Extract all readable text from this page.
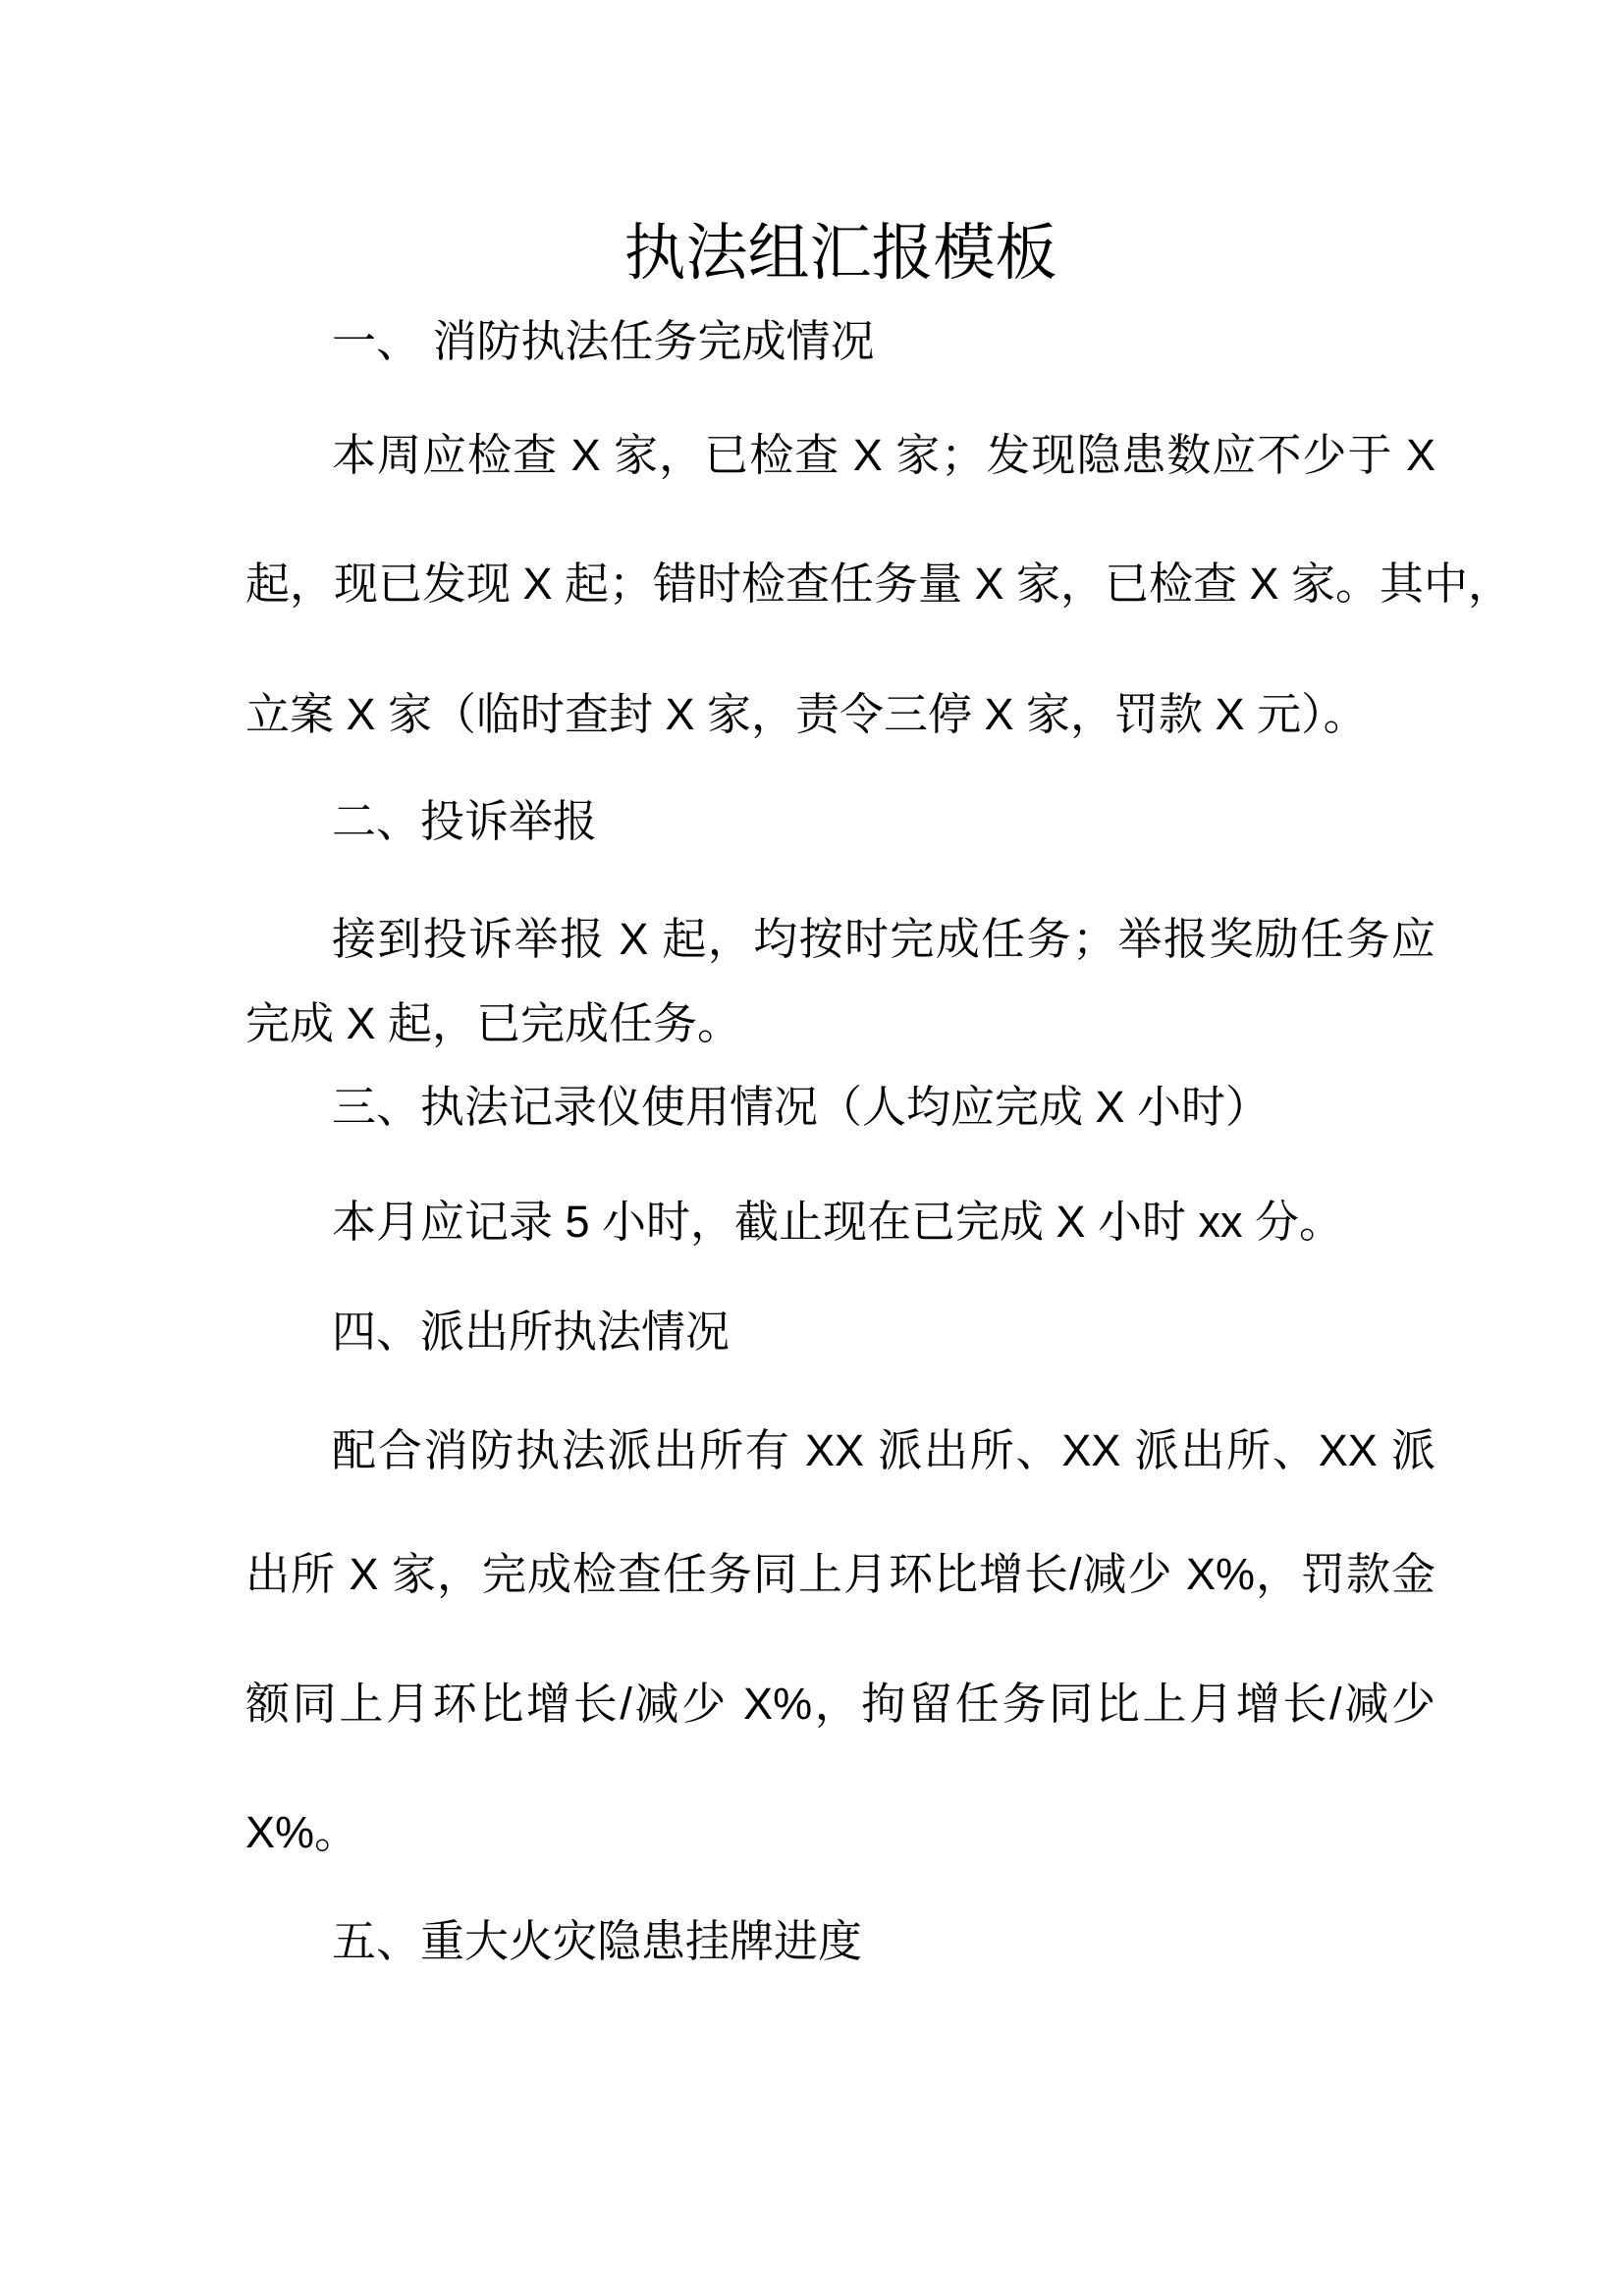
执法组汇报模板
一、 消防执法任务完成情况
本周应检查 X 家，已检查 X 家；发现隐患数应不少于 X
起，现已发现 X 起；错时检查任务量 X 家，已检查 X 家。其中，
立案 X 家（临时查封 X 家，责令三停 X 家，罚款 X 元）。
二、投诉举报
接到投诉举报 X 起，均按时完成任务；举报奖励任务应
完成 X 起，已完成任务。
三、执法记录仪使用情况（人均应完成 X 小时）
本月应记录 5 小时，截止现在已完成 X 小时 xx 分。
四、派出所执法情况
配合消防执法派出所有 XX 派出所、XX 派出所、XX 派
出所 X 家，完成检查任务同上月环比增长/减少 X%，罚款金
额同上月环比增长/减少 X%，拘留任务同比上月增长/减少
X%。
五、重大火灾隐患挂牌进度
